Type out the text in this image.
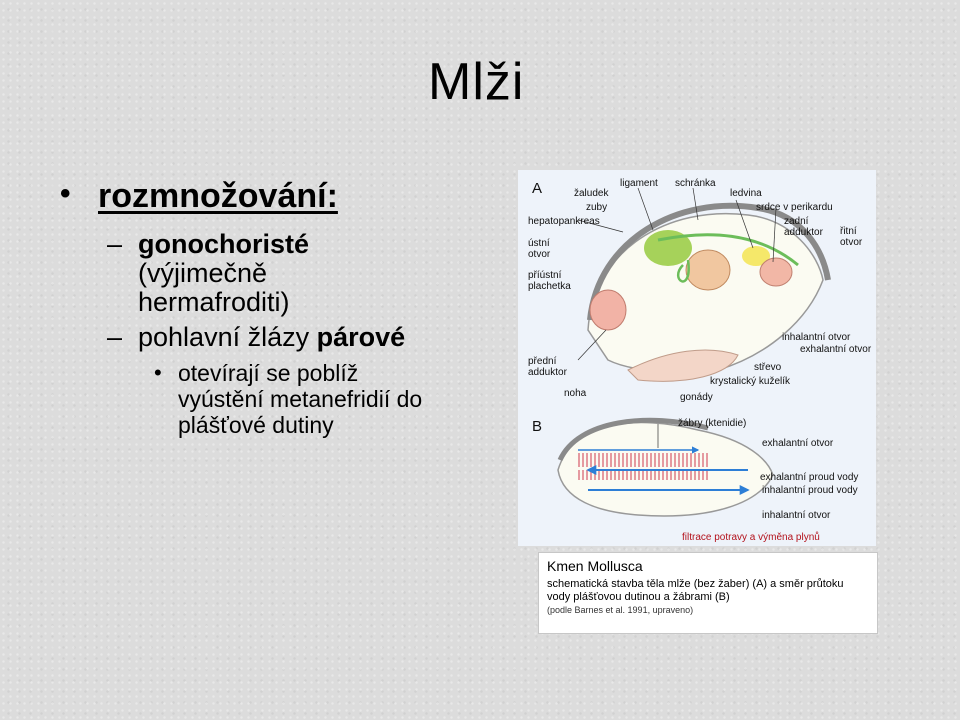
Mlži
• rozmnožování:
– gonochoristé
(výjimečně
hermafroditi)
– pohlavní žlázy párové
• otevírají se poblíž
vyústění metanefridií do
plášťové dutiny
A
B
ligament schránka
žaludek
zuby
ledvina
srdce v perikardu
hepatopankreas	zadní
adduktor řitní
otvor
ústní
otvor
příústní
plachetka
inhalantní otvor
exhalantní otvor
přední
adduktor	střevo
krystalický kuželík
noha	gonády
žábry (ktenidie)
exhalantní otvor
exhalantní proud vody
inhalantní proud vody
inhalantní otvor
filtrace potravy a výměna plynů
Kmen Mollusca
schematická stavba těla mlže (bez žaber) (A) a směr průtoku
vody plášťovou dutinou a žábrami (B)
(podle Barnes et al. 1991, upraveno)
